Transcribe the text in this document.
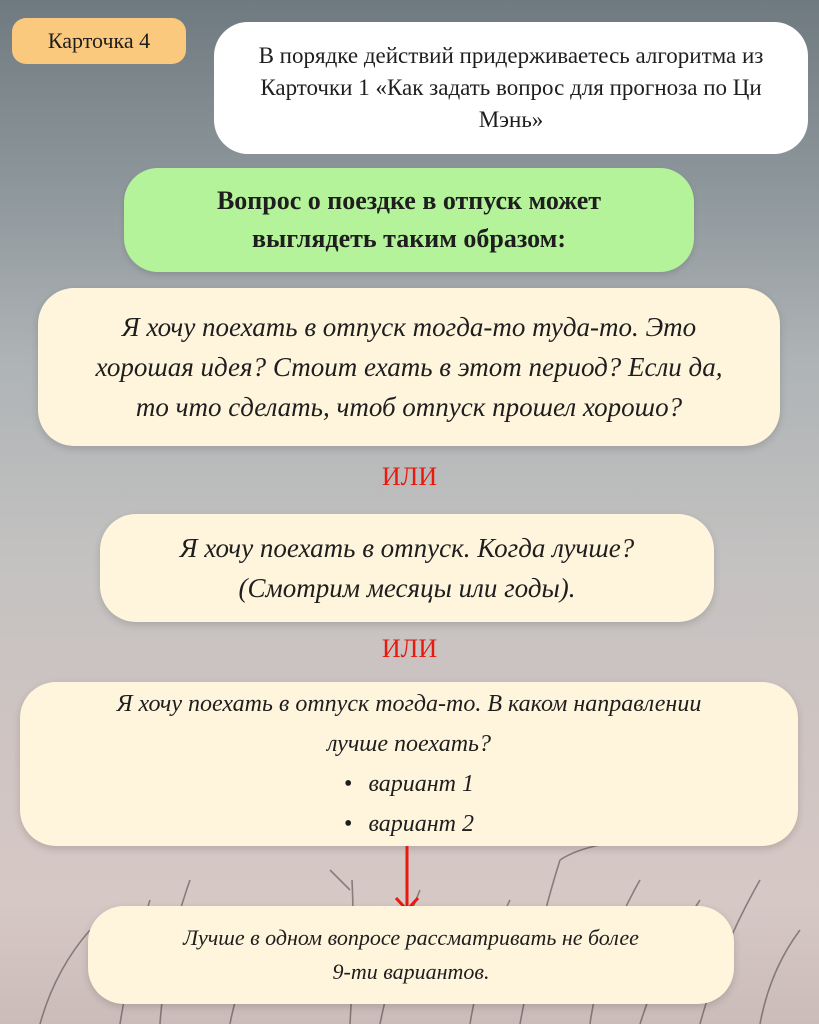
Карточка 4
В порядке действий придерживаетесь алгоритма из Карточки 1 «Как задать вопрос для прогноза по Ци Мэнь»
Вопрос о поездке в отпуск может
выглядеть таким образом:
Я хочу поехать в отпуск тогда-то туда-то. Это
хорошая идея? Стоит ехать в этот период? Если да,
то что сделать, чтоб отпуск прошел хорошо?
ИЛИ
Я хочу поехать в отпуск. Когда лучше?
(Смотрим месяцы или годы).
ИЛИ
Я хочу поехать в отпуск тогда-то. В каком направлении
лучше поехать?
• вариант 1
• вариант 2
Лучше в одном вопросе рассматривать не более
9-ти вариантов.
